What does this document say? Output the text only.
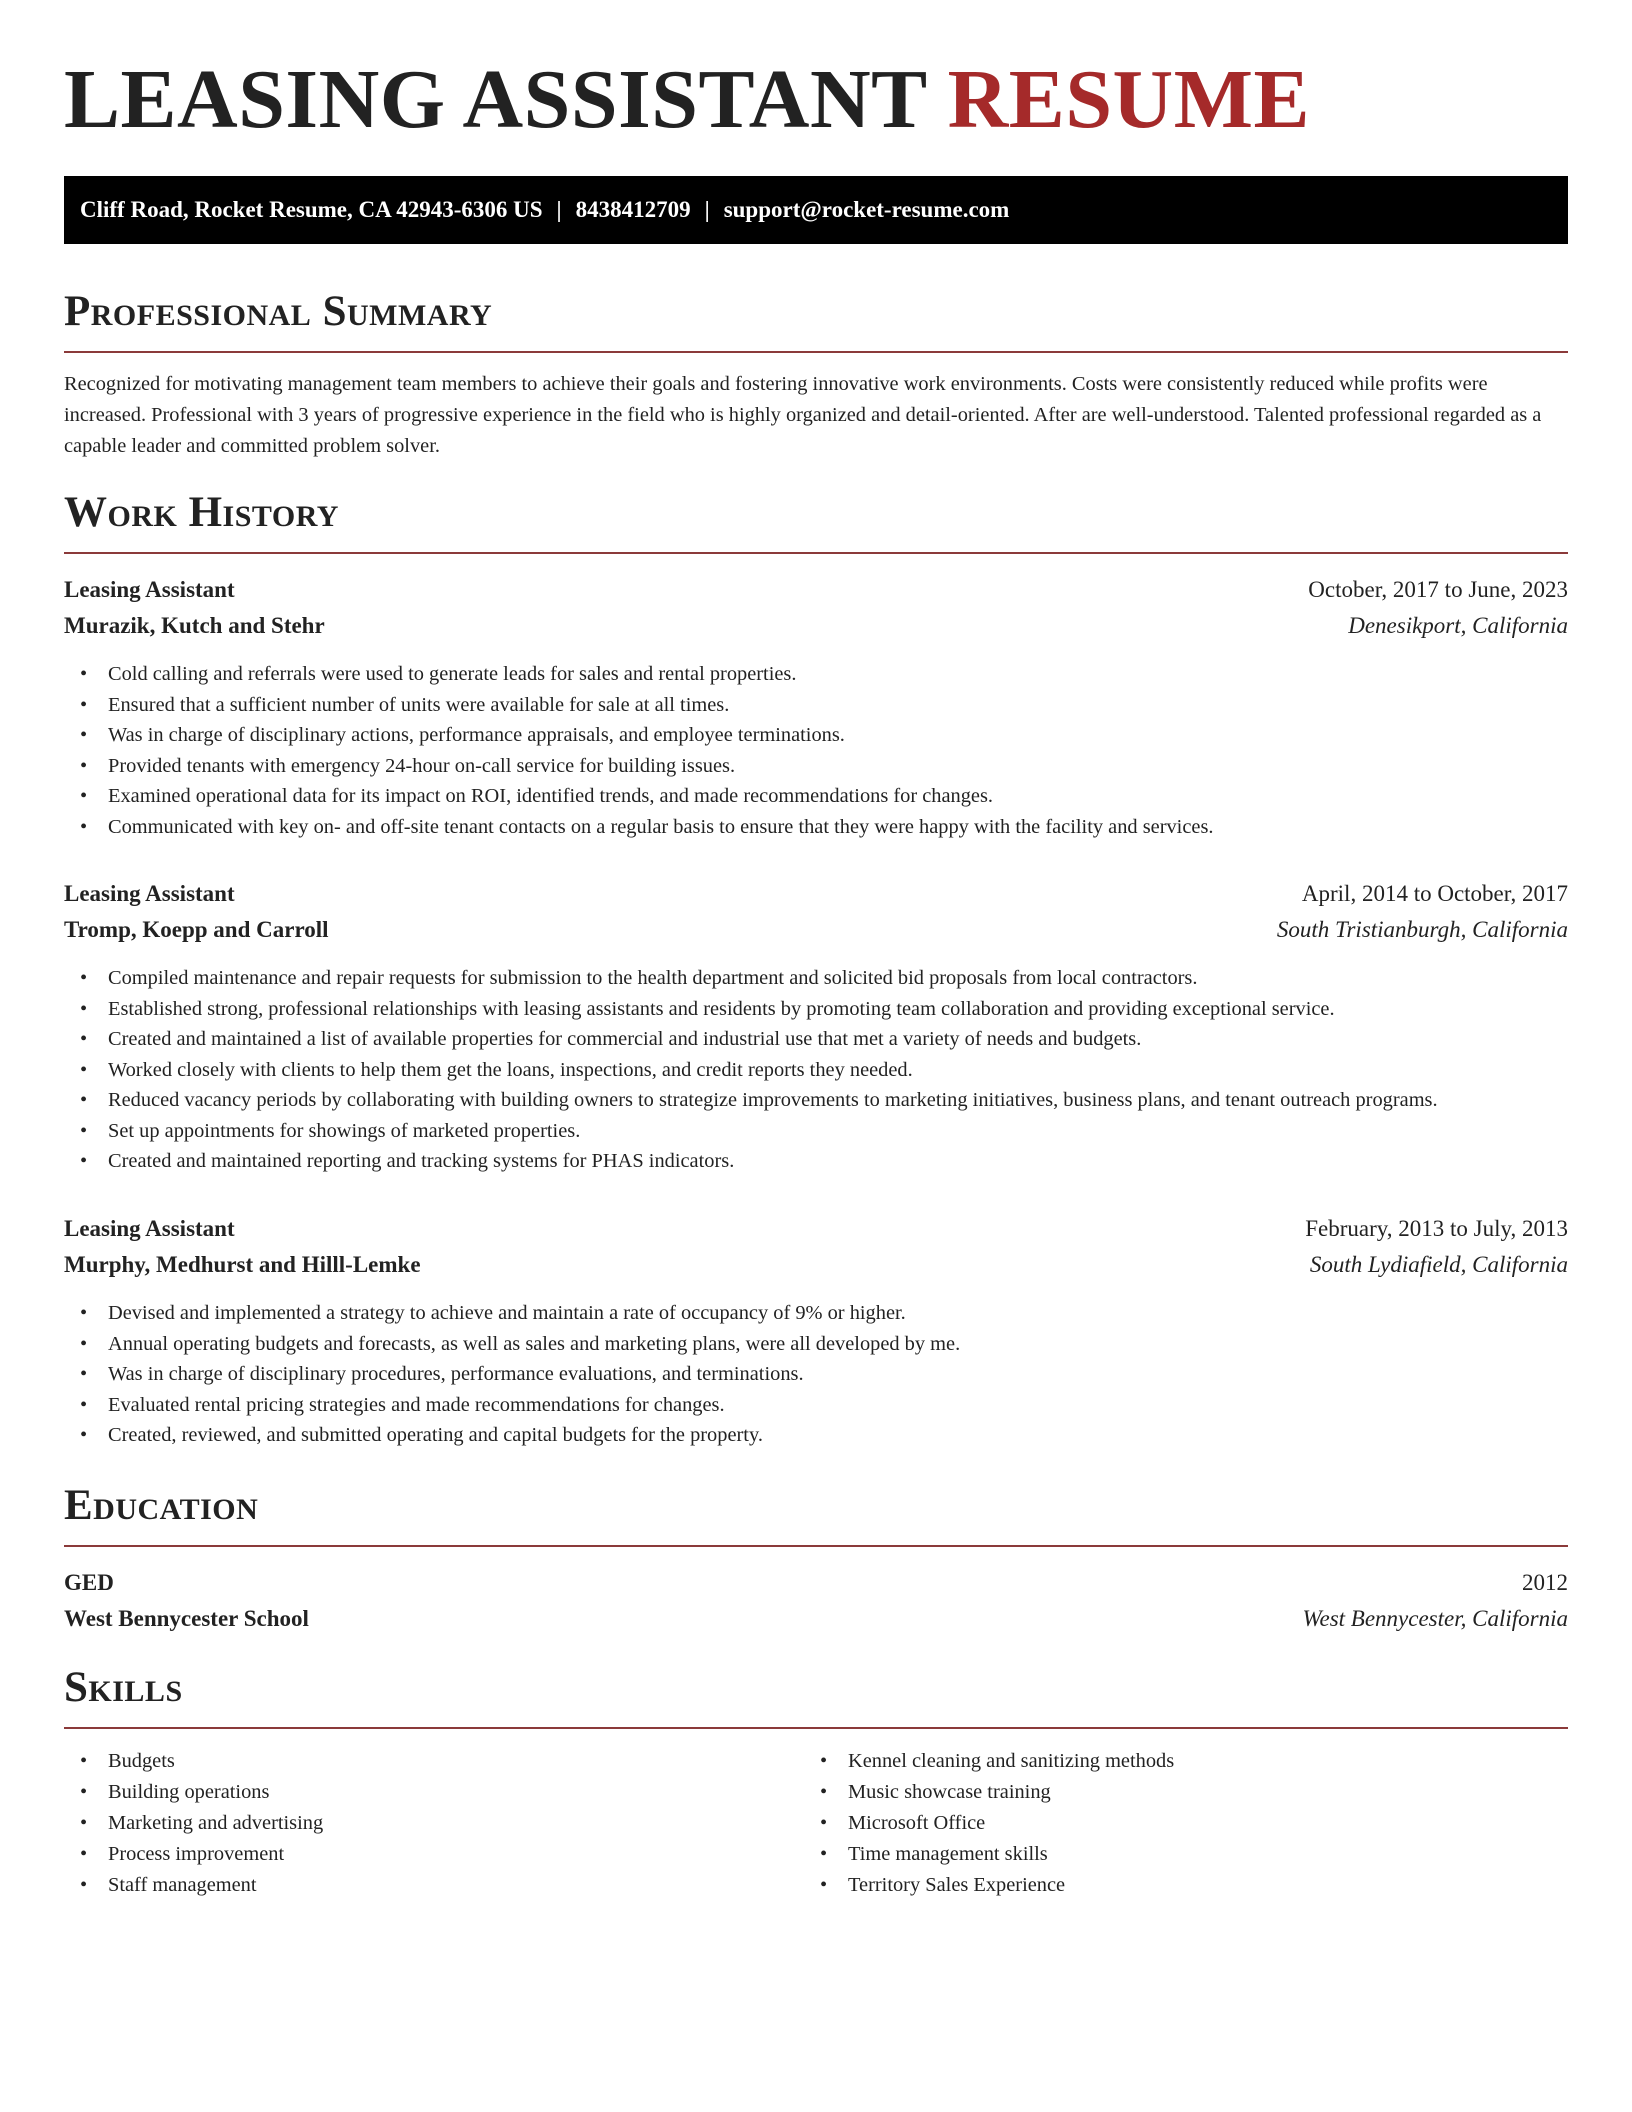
LEASING ASSISTANT RESUME
Cliff Road, Rocket Resume, CA 42943-6306 US | 8438412709 | support@rocket-resume.com
Professional Summary

Recognized for motivating management team members to achieve their goals and fostering innovative work environments. Costs were consistently reduced while profits were increased. Professional with 3 years of progressive experience in the field who is highly organized and detail-oriented. After are well-understood. Talented professional regarded as a capable leader and committed problem solver.

Work History
Leasing Assistant	October, 2017 to June, 2023
Murazik, Kutch and Stehr	Denesikport, California
• Cold calling and referrals were used to generate leads for sales and rental properties.
• Ensured that a sufficient number of units were available for sale at all times.
• Was in charge of disciplinary actions, performance appraisals, and employee terminations.
• Provided tenants with emergency 24-hour on-call service for building issues.
• Examined operational data for its impact on ROI, identified trends, and made recommendations for changes.
• Communicated with key on- and off-site tenant contacts on a regular basis to ensure that they were happy with the facility and services.
Leasing Assistant	April, 2014 to October, 2017
Tromp, Koepp and Carroll	South Tristianburgh, California
• Compiled maintenance and repair requests for submission to the health department and solicited bid proposals from local contractors.
• Established strong, professional relationships with leasing assistants and residents by promoting team collaboration and providing exceptional service.
• Created and maintained a list of available properties for commercial and industrial use that met a variety of needs and budgets.
• Worked closely with clients to help them get the loans, inspections, and credit reports they needed.
• Reduced vacancy periods by collaborating with building owners to strategize improvements to marketing initiatives, business plans, and tenant outreach programs.
• Set up appointments for showings of marketed properties.
• Created and maintained reporting and tracking systems for PHAS indicators.
Leasing Assistant	February, 2013 to July, 2013
Murphy, Medhurst and Hilll-Lemke	South Lydiafield, California
• Devised and implemented a strategy to achieve and maintain a rate of occupancy of 9% or higher.
• Annual operating budgets and forecasts, as well as sales and marketing plans, were all developed by me.
• Was in charge of disciplinary procedures, performance evaluations, and terminations.
• Evaluated rental pricing strategies and made recommendations for changes.
• Created, reviewed, and submitted operating and capital budgets for the property.
Education
GED	2012
West Bennycester School	West Bennycester, California
Skills
• Budgets
• Building operations
• Marketing and advertising
• Process improvement
• Staff management
• Kennel cleaning and sanitizing methods
• Music showcase training
• Microsoft Office
• Time management skills
• Territory Sales Experience
